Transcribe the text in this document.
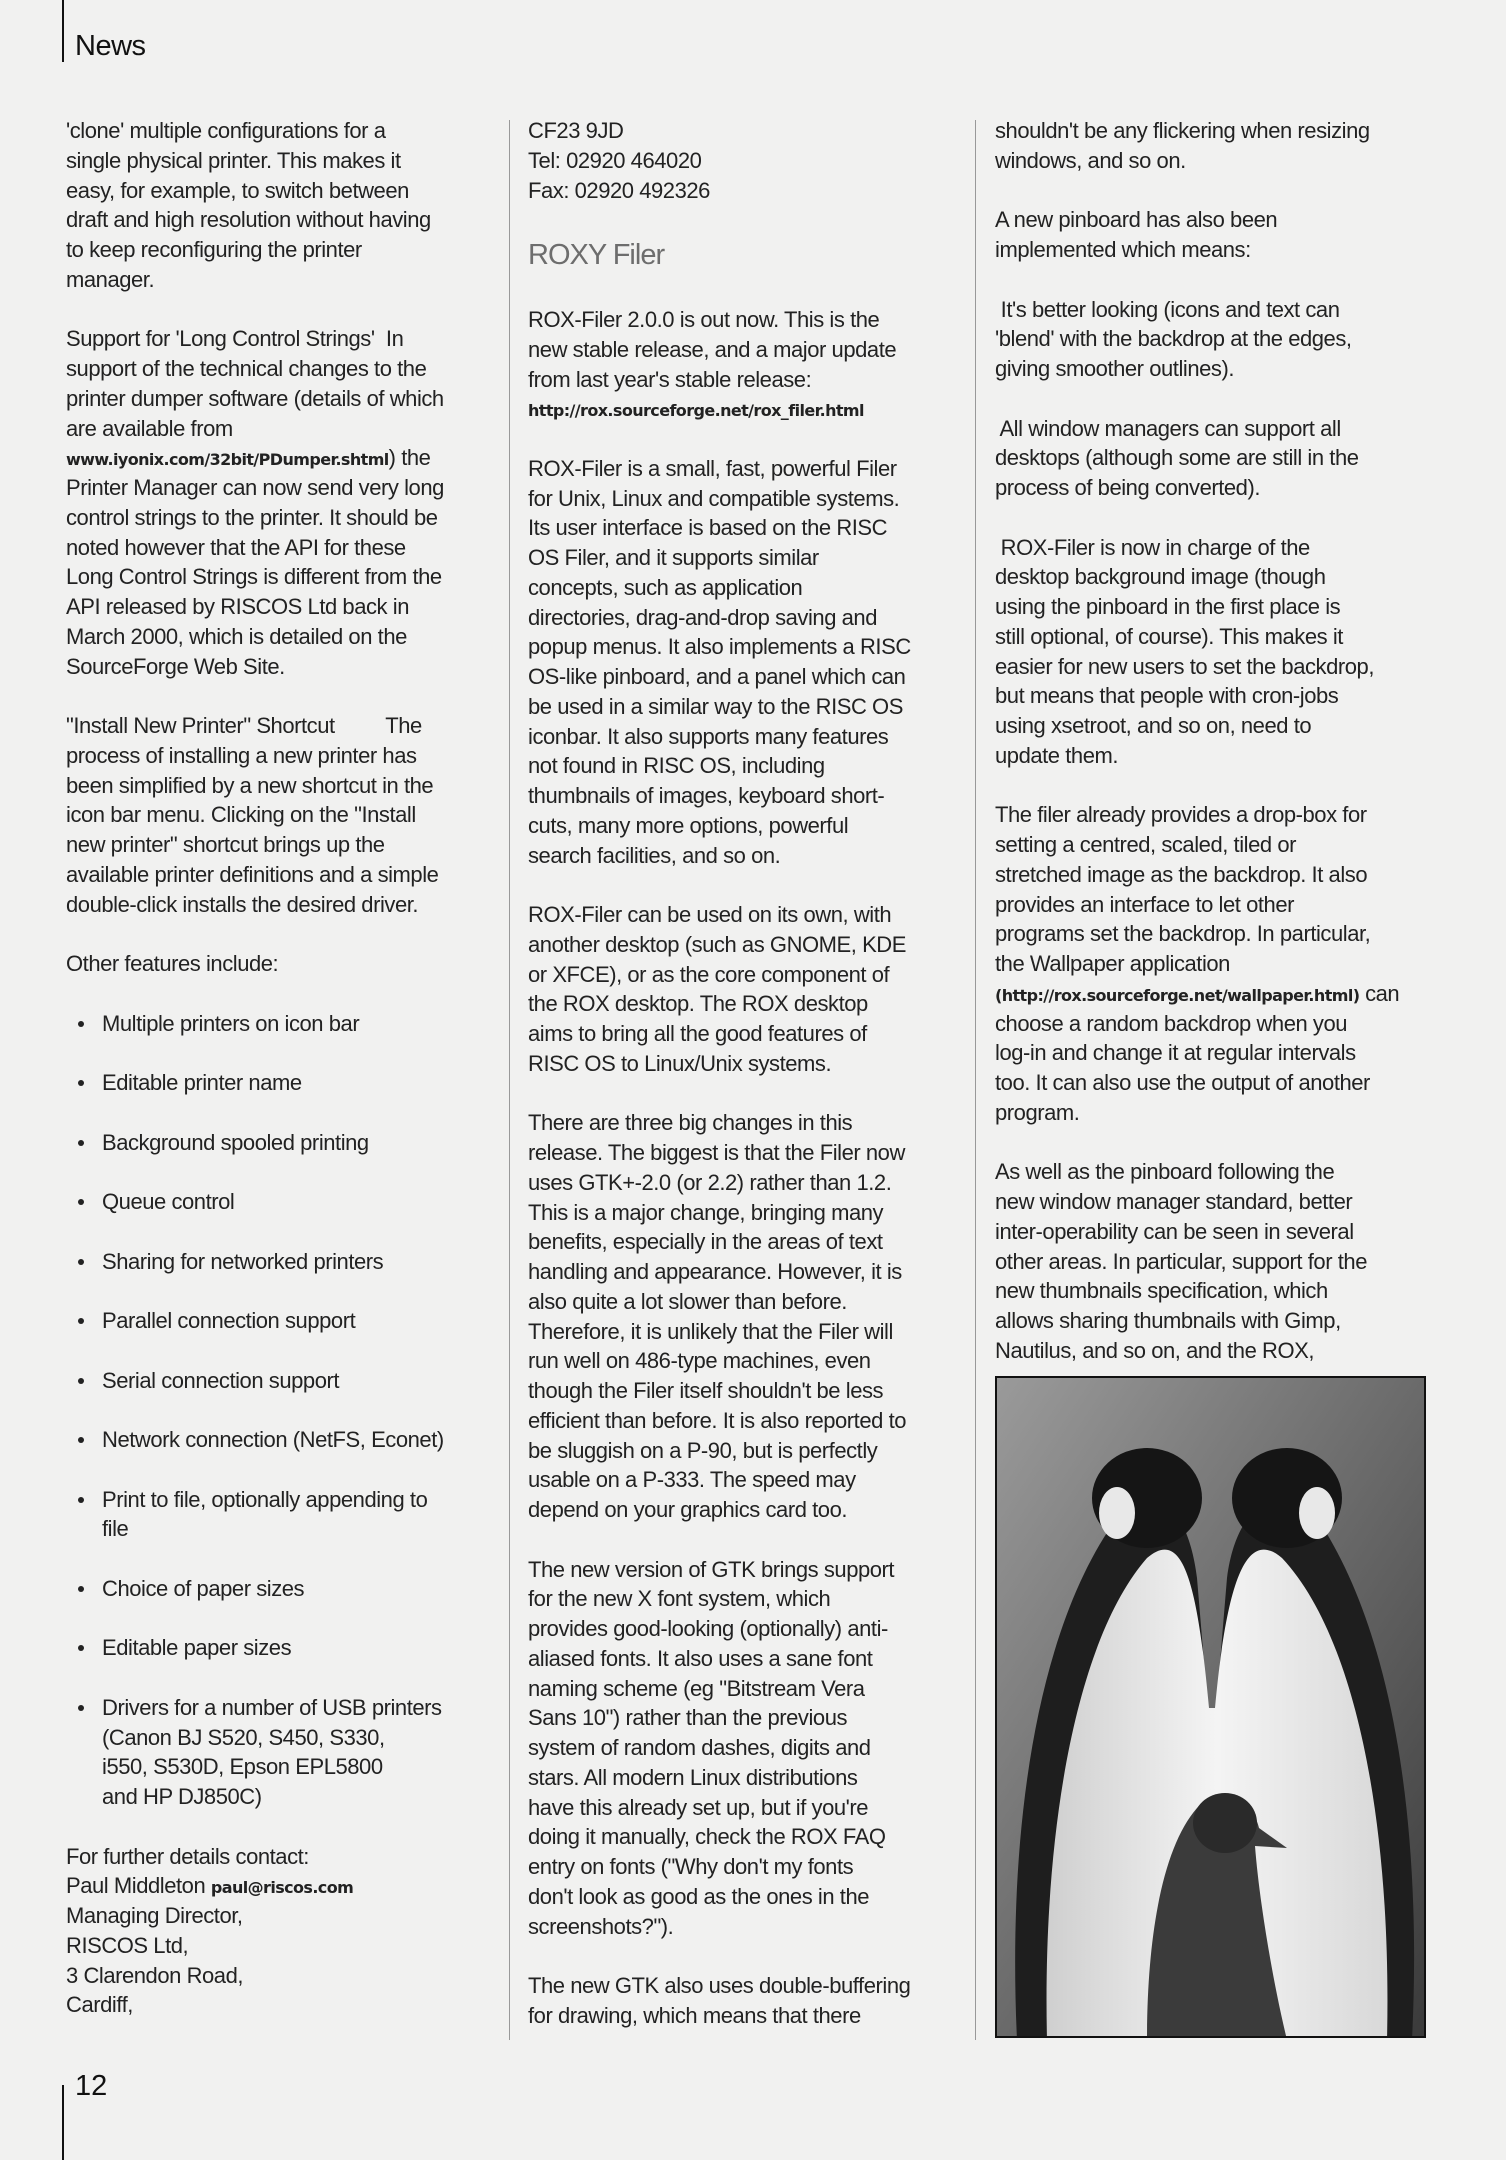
News
'clone' multiple configurations for a
single physical printer. This makes it
easy, for example, to switch between
draft and high resolution without having
to keep reconfiguring the printer
manager.
Support for 'Long Control Strings'  In
support of the technical changes to the
printer dumper software (details of which
are available from
www.iyonix.com/32bit/PDumper.shtml) the
Printer Manager can now send very long
control strings to the printer. It should be
noted however that the API for these
Long Control Strings is different from the
API released by RISCOS Ltd back in
March 2000, which is detailed on the
SourceForge Web Site.
"Install New Printer" Shortcut         The
process of installing a new printer has
been simplified by a new shortcut in the
icon bar menu. Clicking on the "Install
new printer" shortcut brings up the
available printer definitions and a simple
double-click installs the desired driver.
Other features include:
Multiple printers on icon bar
Editable printer name
Background spooled printing
Queue control
Sharing for networked printers
Parallel connection support
Serial connection support
Network connection (NetFS, Econet)
Print to file, optionally appending to
file
Choice of paper sizes
Editable paper sizes
Drivers for a number of USB printers
(Canon BJ S520, S450, S330,
i550, S530D, Epson EPL5800
and HP DJ850C)
For further details contact:
Paul Middleton paul@riscos.com
Managing Director,
RISCOS Ltd,
3 Clarendon Road,
Cardiff,
CF23 9JD
Tel: 02920 464020
Fax: 02920 492326
ROXY Filer
ROX-Filer 2.0.0 is out now. This is the
new stable release, and a major update
from last year's stable release:
http://rox.sourceforge.net/rox_filer.html
ROX-Filer is a small, fast, powerful Filer
for Unix, Linux and compatible systems.
Its user interface is based on the RISC
OS Filer, and it supports similar
concepts, such as application
directories, drag-and-drop saving and
popup menus. It also implements a RISC
OS-like pinboard, and a panel which can
be used in a similar way to the RISC OS
iconbar. It also supports many features
not found in RISC OS, including
thumbnails of images, keyboard short-
cuts, many more options, powerful
search facilities, and so on.
ROX-Filer can be used on its own, with
another desktop (such as GNOME, KDE
or XFCE), or as the core component of
the ROX desktop. The ROX desktop
aims to bring all the good features of
RISC OS to Linux/Unix systems.
There are three big changes in this
release. The biggest is that the Filer now
uses GTK+-2.0 (or 2.2) rather than 1.2.
This is a major change, bringing many
benefits, especially in the areas of text
handling and appearance. However, it is
also quite a lot slower than before.
Therefore, it is unlikely that the Filer will
run well on 486-type machines, even
though the Filer itself shouldn't be less
efficient than before. It is also reported to
be sluggish on a P-90, but is perfectly
usable on a P-333. The speed may
depend on your graphics card too.
The new version of GTK brings support
for the new X font system, which
provides good-looking (optionally) anti-
aliased fonts. It also uses a sane font
naming scheme (eg "Bitstream Vera
Sans 10") rather than the previous
system of random dashes, digits and
stars. All modern Linux distributions
have this already set up, but if you're
doing it manually, check the ROX FAQ
entry on fonts ("Why don't my fonts
don't look as good as the ones in the
screenshots?").
The new GTK also uses double-buffering
for drawing, which means that there
shouldn't be any flickering when resizing
windows, and so on.
A new pinboard has also been
implemented which means:
It's better looking (icons and text can
'blend' with the backdrop at the edges,
giving smoother outlines).
All window managers can support all
desktops (although some are still in the
process of being converted).
ROX-Filer is now in charge of the
desktop background image (though
using the pinboard in the first place is
still optional, of course). This makes it
easier for new users to set the backdrop,
but means that people with cron-jobs
using xsetroot, and so on, need to
update them.
The filer already provides a drop-box for
setting a centred, scaled, tiled or
stretched image as the backdrop. It also
provides an interface to let other
programs set the backdrop. In particular,
the Wallpaper application
(http://rox.sourceforge.net/wallpaper.html) can
choose a random backdrop when you
log-in and change it at regular intervals
too. It can also use the output of another
program.
As well as the pinboard following the
new window manager standard, better
inter-operability can be seen in several
other areas. In particular, support for the
new thumbnails specification, which
allows sharing thumbnails with Gimp,
Nautilus, and so on, and the ROX,
12
